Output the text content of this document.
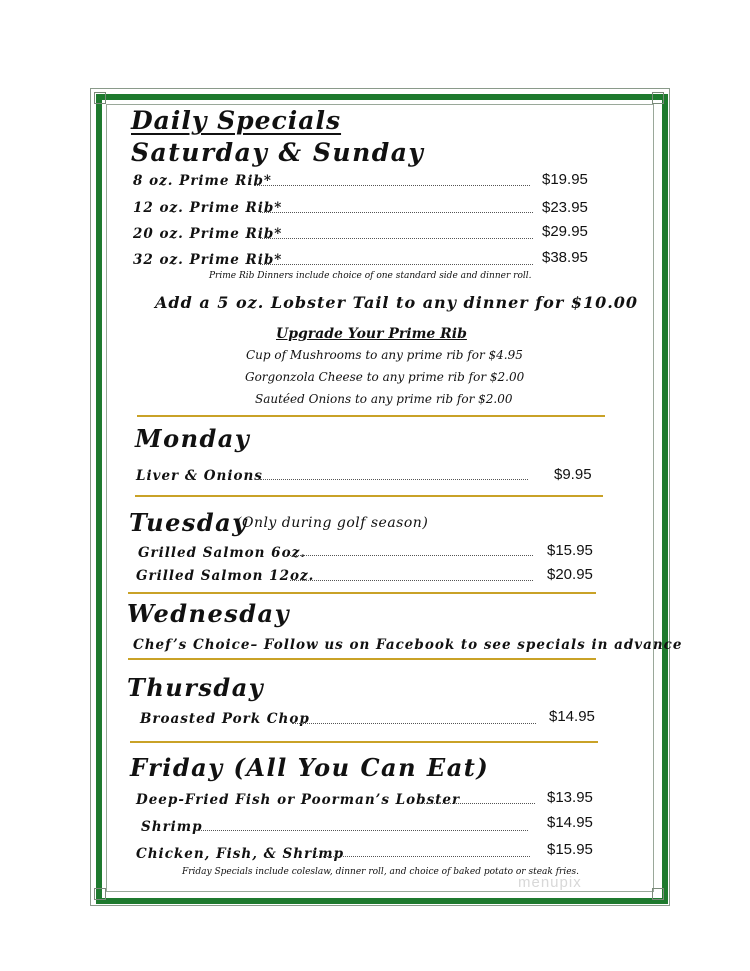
Daily Specials
Saturday & Sunday
8 oz. Prime Rib*	$19.95
12 oz. Prime Rib*	$23.95
20 oz. Prime Rib*	$29.95
32 oz. Prime Rib*	$38.95
Prime Rib Dinners include choice of one standard side and dinner roll.
Add a 5 oz. Lobster Tail to any dinner for $10.00
Upgrade Your Prime Rib
Cup of Mushrooms to any prime rib for $4.95
Gorgonzola Cheese to any prime rib for $2.00
Sautéed Onions to any prime rib for $2.00
Monday
Liver & Onions	$9.95
Tuesday
(Only during golf season)
Grilled Salmon 6oz.	$15.95
Grilled Salmon 12oz.	$20.95
Wednesday
Chef’s Choice– Follow us on Facebook to see specials in advance
Thursday
Broasted Pork Chop	$14.95
Friday (All You Can Eat)
Deep-Fried Fish or Poorman’s Lobster	$13.95
Shrimp	$14.95
Chicken, Fish, & Shrimp	$15.95
Friday Specials include coleslaw, dinner roll, and choice of baked potato or steak fries.
menupix
